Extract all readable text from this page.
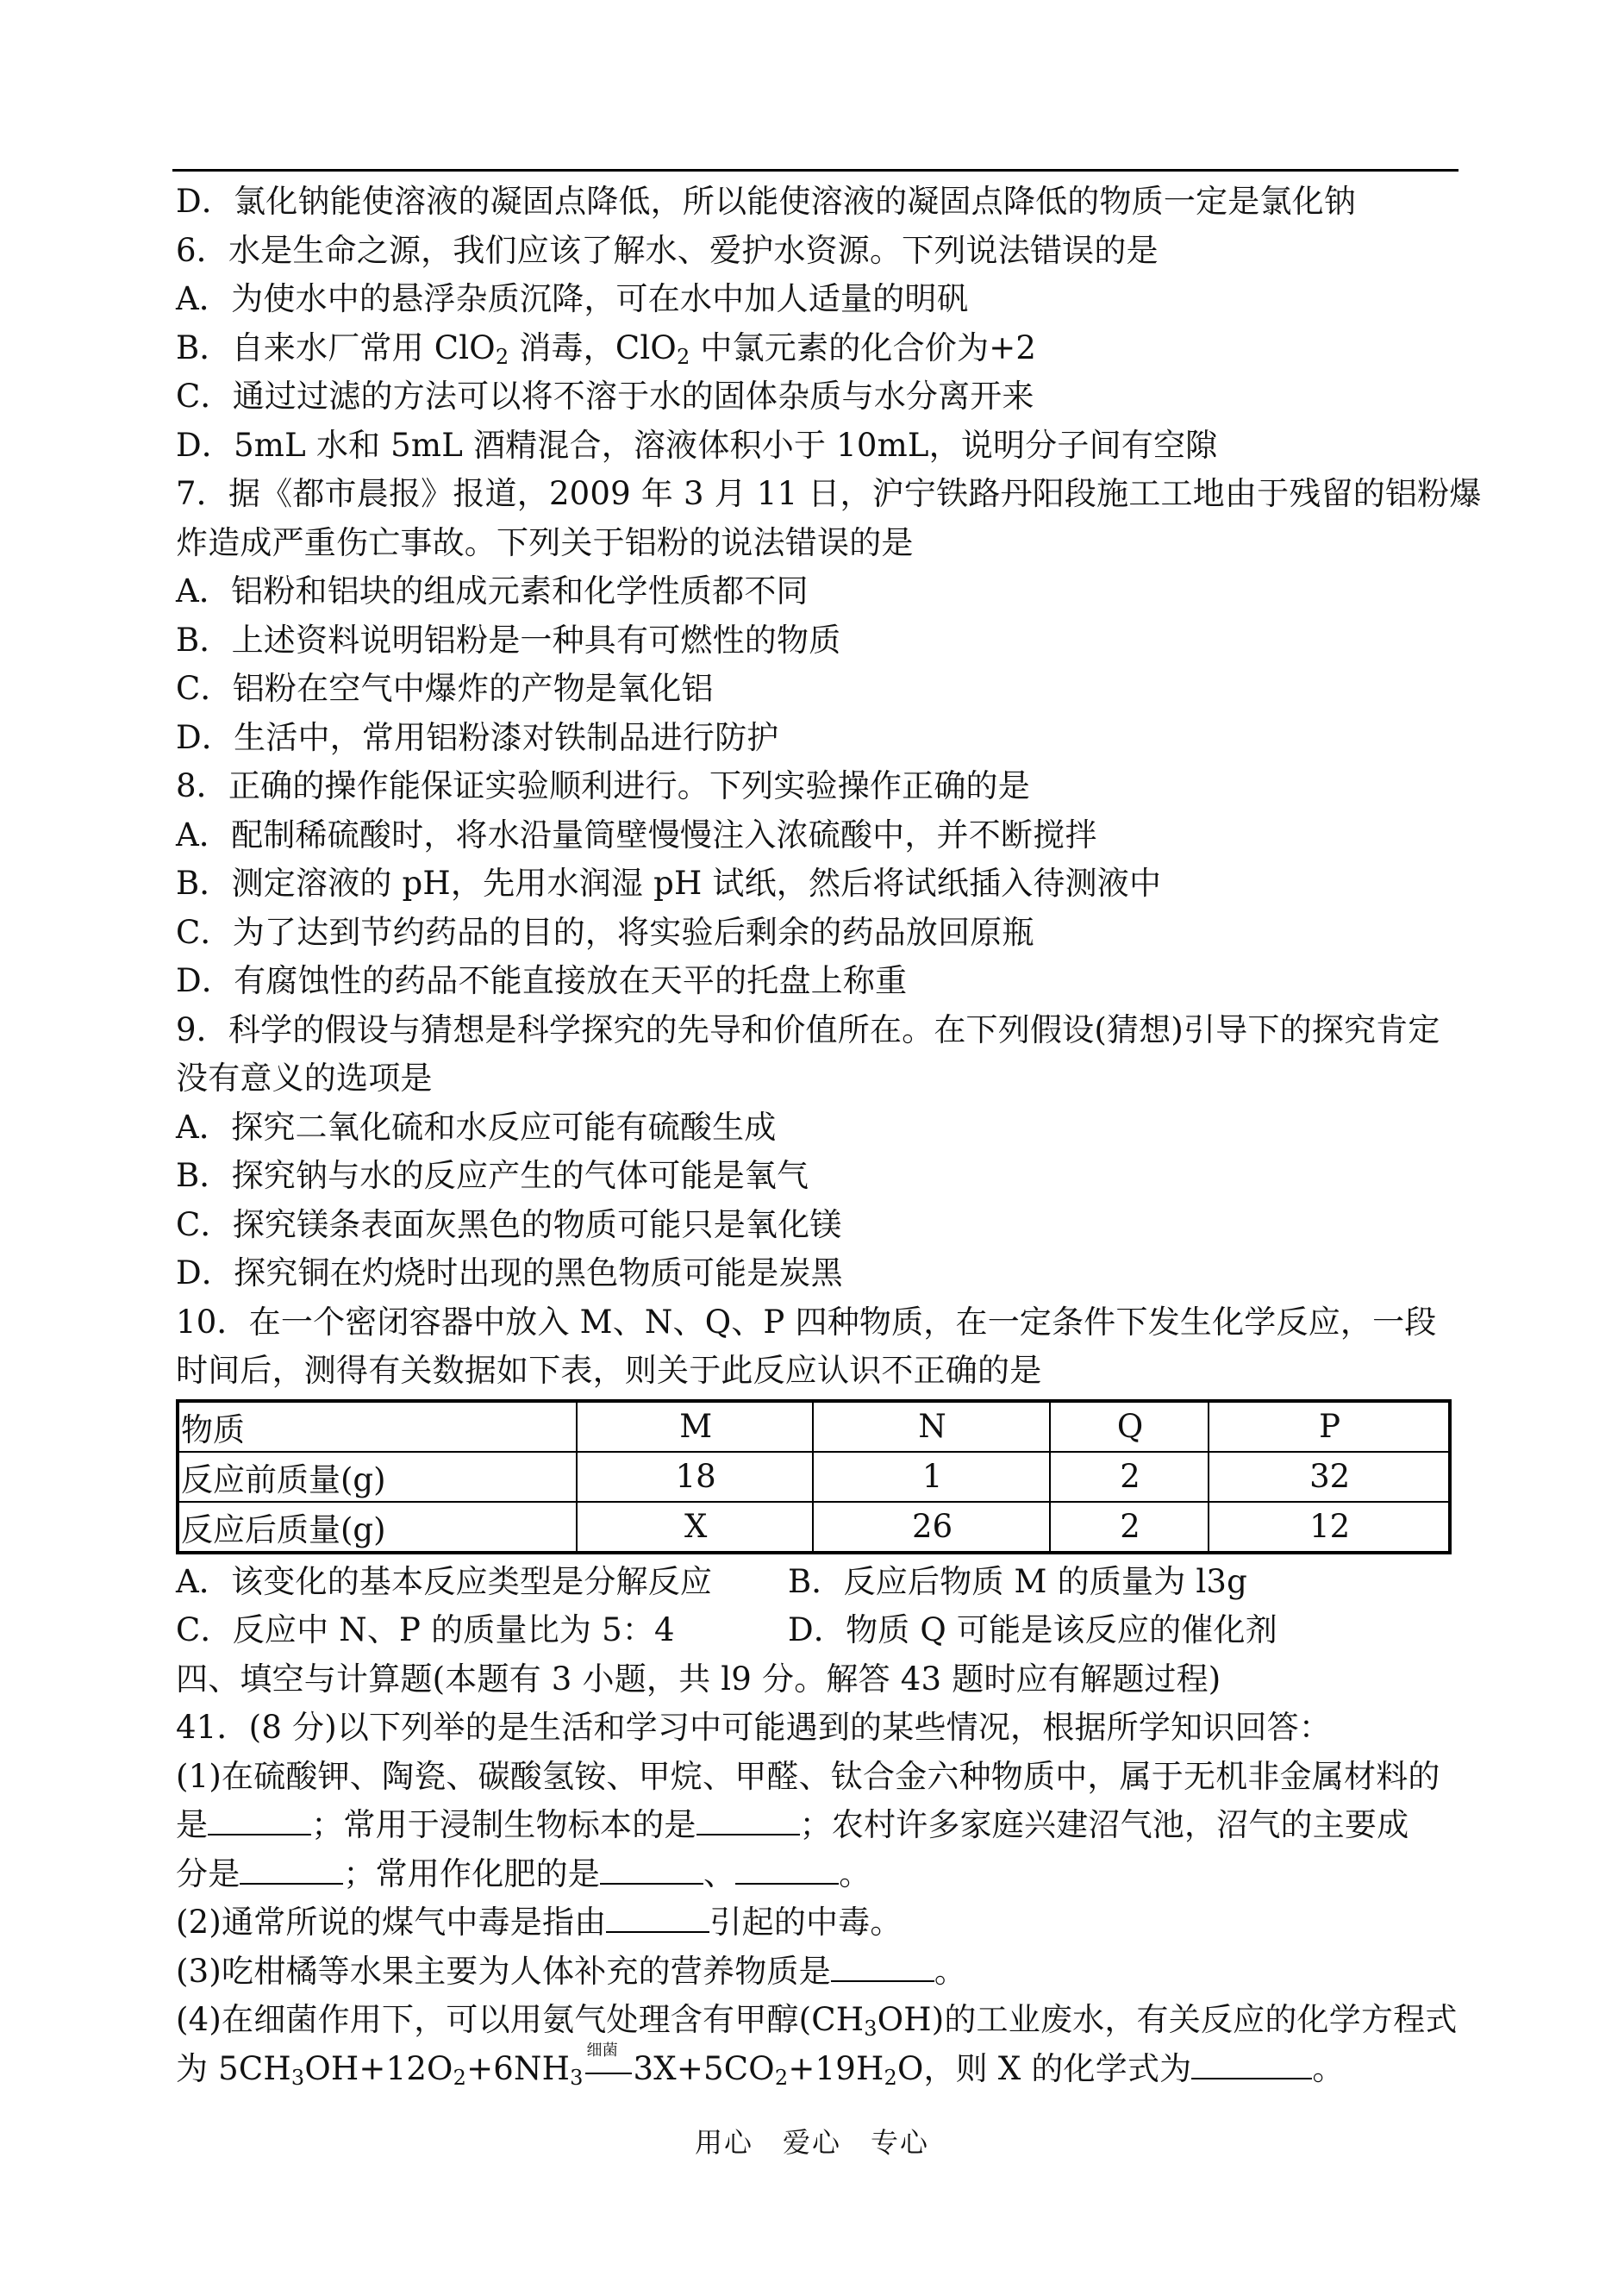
D．氯化钠能使溶液的凝固点降低，所以能使溶液的凝固点降低的物质一定是氯化钠
6．水是生命之源，我们应该了解水、爱护水资源。下列说法错误的是
A．为使水中的悬浮杂质沉降，可在水中加人适量的明矾
B．自来水厂常用 ClO$_2$ 消毒，ClO$_2$ 中氯元素的化合价为+2
C．通过过滤的方法可以将不溶于水的固体杂质与水分离开来
D．5mL 水和 5mL 酒精混合，溶液体积小于 10mL，说明分子间有空隙
7．据《都市晨报》报道，2009 年 3 月 11 日，沪宁铁路丹阳段施工工地由于残留的铝粉爆
炸造成严重伤亡事故。下列关于铝粉的说法错误的是
A．铝粉和铝块的组成元素和化学性质都不同
B．上述资料说明铝粉是一种具有可燃性的物质
C．铝粉在空气中爆炸的产物是氧化铝
D．生活中，常用铝粉漆对铁制品进行防护
8．正确的操作能保证实验顺利进行。下列实验操作正确的是
A．配制稀硫酸时，将水沿量筒壁慢慢注入浓硫酸中，并不断搅拌
B．测定溶液的 pH，先用水润湿 pH 试纸，然后将试纸插入待测液中
C．为了达到节约药品的目的，将实验后剩余的药品放回原瓶
D．有腐蚀性的药品不能直接放在天平的托盘上称重
9．科学的假设与猜想是科学探究的先导和价值所在。在下列假设(猜想)引导下的探究肯定
没有意义的选项是
A．探究二氧化硫和水反应可能有硫酸生成
B．探究钠与水的反应产生的气体可能是氧气
C．探究镁条表面灰黑色的物质可能只是氧化镁
D．探究铜在灼烧时出现的黑色物质可能是炭黑
10．在一个密闭容器中放入 M、N、Q、P 四种物质，在一定条件下发生化学反应，一段
时间后，测得有关数据如下表，则关于此反应认识不正确的是
物质	M	N	Q	P
反应前质量(g)	18	1	2	32
反应后质量(g)	X	26	2	12
A．该变化的基本反应类型是分解反应	B．反应后物质 M 的质量为 l3g
C．反应中 N、P 的质量比为 5：4	D．物质 Q 可能是该反应的催化剂
四、填空与计算题(本题有 3 小题，共 l9 分。解答 43 题时应有解题过程)
41．(8 分)以下列举的是生活和学习中可能遇到的某些情况，根据所学知识回答：
(1)在硫酸钾、陶瓷、碳酸氢铵、甲烷、甲醛、钛合金六种物质中，属于无机非金属材料的
是	；常用于浸制生物标本的是	；农村许多家庭兴建沼气池，沼气的主要成
分是	；常用作化肥的是	、	。
(2)通常所说的煤气中毒是指由	引起的中毒。
(3)吃柑橘等水果主要为人体补充的营养物质是	。
(4)在细菌作用下，可以用氨气处理含有甲醇$(CH_3OH)$的工业废水，有关反应的化学方程式
为 $5CH_3OH+12O_2+6NH_3$
细菌 $3X+5CO_2+19H_2O$，则 X 的化学式为	。
用心　爱心　专心
